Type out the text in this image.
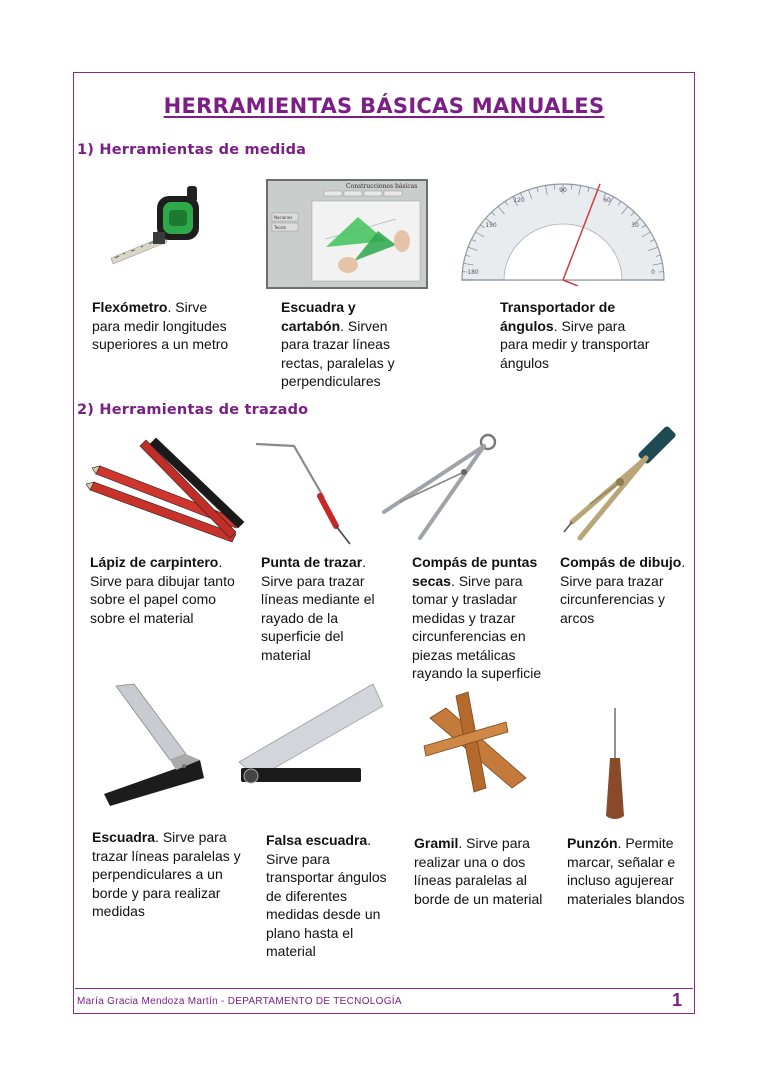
HERRAMIENTAS BÁSICAS MANUALES
1) Herramientas de medida
2) Herramientas de trazado
Construcciones básicas
Nociones
Teoría
0
30
60
90
120
150
180
Flexómetro. Sirve para medir longitudes superiores a un metro
Escuadra y cartabón. Sirven para trazar líneas rectas, paralelas y perpendiculares
Transportador de ángulos. Sirve para para medir y transportar ángulos
Lápiz de carpintero. Sirve para dibujar tanto sobre el papel como sobre el material
Punta de trazar. Sirve para trazar líneas mediante el rayado de la superficie del material
Compás de puntas secas. Sirve para tomar y trasladar medidas y trazar circunferencias en piezas metálicas rayando la superficie
Compás de dibujo. Sirve para trazar circunferencias y arcos
Escuadra. Sirve para trazar líneas paralelas y perpendiculares a un borde y para realizar medidas
Falsa escuadra. Sirve para transportar ángulos de diferentes medidas desde un plano hasta el material
Gramil. Sirve para realizar una o dos líneas paralelas al borde de un material
Punzón. Permite marcar, señalar e incluso agujerear materiales blandos
María Gracia Mendoza Martín - DEPARTAMENTO DE TECNOLOGÍA	1
